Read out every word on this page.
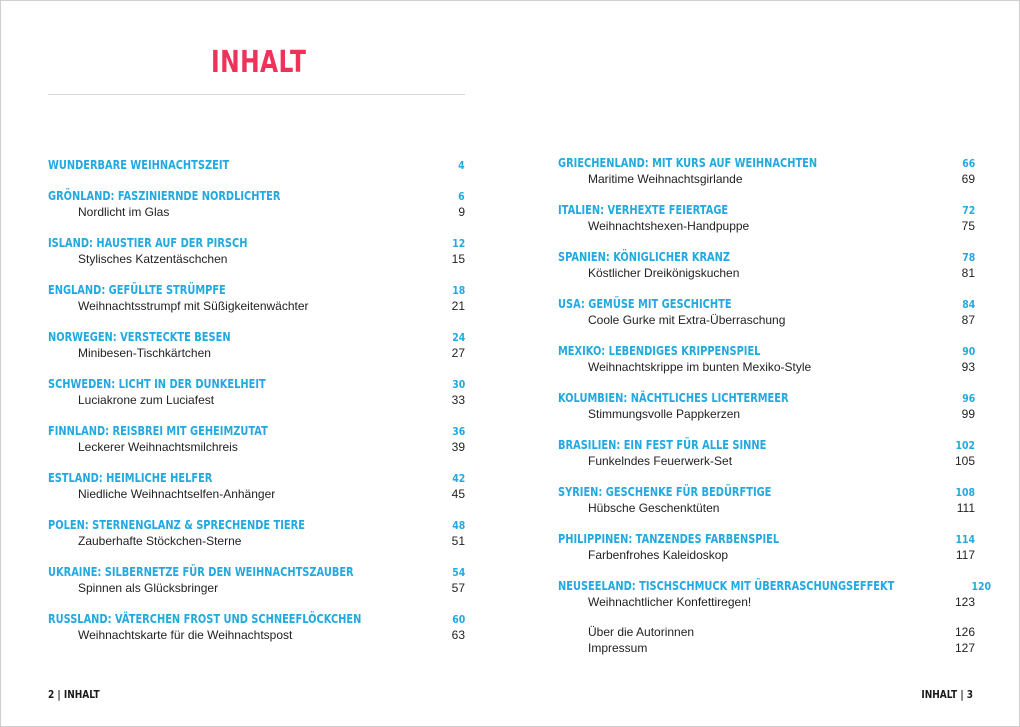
INHALT
WUNDERBARE WEIHNACHTSZEIT	4
GRÖNLAND: FASZINIERNDE NORDLICHTER	6
Nordlicht im Glas	9
ISLAND: HAUSTIER AUF DER PIRSCH	12
Stylisches Katzentäschchen	15
ENGLAND: GEFÜLLTE STRÜMPFE	18
Weihnachtsstrumpf mit Süßigkeitenwächter	21
NORWEGEN: VERSTECKTE BESEN	24
Minibesen-Tischkärtchen	27
SCHWEDEN: LICHT IN DER DUNKELHEIT	30
Luciakrone zum Luciafest	33
FINNLAND: REISBREI MIT GEHEIMZUTAT	36
Leckerer Weihnachtsmilchreis	39
ESTLAND: HEIMLICHE HELFER	42
Niedliche Weihnachtselfen-Anhänger	45
POLEN: STERNENGLANZ & SPRECHENDE TIERE	48
Zauberhafte Stöckchen-Sterne	51
UKRAINE: SILBERNETZE FÜR DEN WEIHNACHTSZAUBER	54
Spinnen als Glücksbringer	57
RUSSLAND: VÄTERCHEN FROST UND SCHNEEFLÖCKCHEN	60
Weihnachtskarte für die Weihnachtspost	63
GRIECHENLAND: MIT KURS AUF WEIHNACHTEN	66
Maritime Weihnachtsgirlande	69
ITALIEN: VERHEXTE FEIERTAGE	72
Weihnachtshexen-Handpuppe	75
SPANIEN: KÖNIGLICHER KRANZ	78
Köstlicher Dreikönigskuchen	81
USA: GEMÜSE MIT GESCHICHTE	84
Coole Gurke mit Extra-Überraschung	87
MEXIKO: LEBENDIGES KRIPPENSPIEL	90
Weihnachtskrippe im bunten Mexiko-Style	93
KOLUMBIEN: NÄCHTLICHES LICHTERMEER	96
Stimmungsvolle Pappkerzen	99
BRASILIEN: EIN FEST FÜR ALLE SINNE	102
Funkelndes Feuerwerk-Set	105
SYRIEN: GESCHENKE FÜR BEDÜRFTIGE	108
Hübsche Geschenktüten	111
PHILIPPINEN: TANZENDES FARBENSPIEL	114
Farbenfrohes Kaleidoskop	117
NEUSEELAND: TISCHSCHMUCK MIT ÜBERRASCHUNGSEFFEKT	120
Weihnachtlicher Konfettiregen!	123
Über die Autorinnen	126
Impressum	127
2 | INHALT	INHALT | 3
